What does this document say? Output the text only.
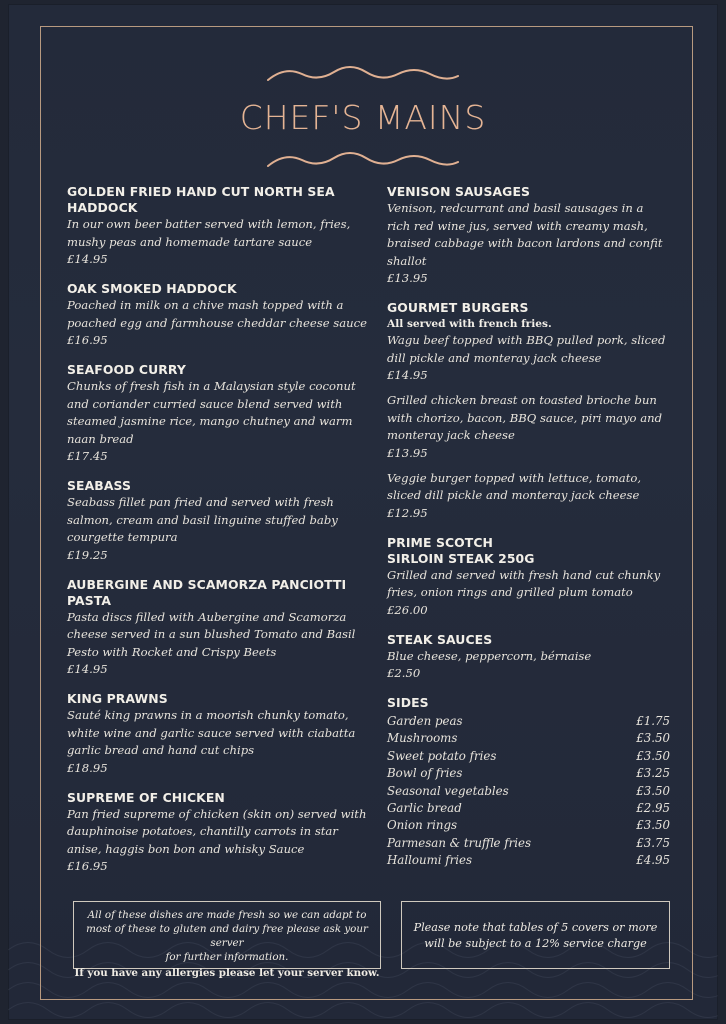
CHEF'S MAINS
GOLDEN FRIED HAND CUT NORTH SEA HADDOCK
In our own beer batter served with lemon, fries, mushy peas and homemade tartare sauce
£14.95
OAK SMOKED HADDOCK
Poached in milk on a chive mash topped with a poached egg and farmhouse cheddar cheese sauce
£16.95
SEAFOOD CURRY
Chunks of fresh fish in a Malaysian style coconut and coriander curried sauce blend served with steamed jasmine rice, mango chutney and warm naan bread
£17.45
SEABASS
Seabass fillet pan fried and served with fresh salmon, cream and basil linguine stuffed baby courgette tempura
£19.25
AUBERGINE AND SCAMORZA PANCIOTTI PASTA
Pasta discs filled with Aubergine and Scamorza cheese served in a sun blushed Tomato and Basil Pesto with Rocket and Crispy Beets
£14.95
KING PRAWNS
Sauté king prawns in a moorish chunky tomato, white wine and garlic sauce served with ciabatta garlic bread and hand cut chips
£18.95
SUPREME OF CHICKEN
Pan fried supreme of chicken (skin on) served with dauphinoise potatoes, chantilly carrots in star anise, haggis bon bon and whisky Sauce
£16.95
VENISON SAUSAGES
Venison, redcurrant and basil sausages in a rich red wine jus, served with creamy mash, braised cabbage with bacon lardons and confit shallot
£13.95
GOURMET BURGERS
All served with french fries.
Wagu beef topped with BBQ pulled pork, sliced dill pickle and monteray jack cheese
£14.95
Grilled chicken breast on toasted brioche bun with chorizo, bacon, BBQ sauce, piri mayo and monteray jack cheese
£13.95
Veggie burger topped with lettuce, tomato, sliced dill pickle and monteray jack cheese
£12.95
PRIME SCOTCH
SIRLOIN STEAK 250G
Grilled and served with fresh hand cut chunky fries, onion rings and grilled plum tomato
£26.00
STEAK SAUCES
Blue cheese, peppercorn, bérnaise
£2.50
SIDES
Garden peas	£1.75
Mushrooms	£3.50
Sweet potato fries	£3.50
Bowl of fries	£3.25
Seasonal vegetables	£3.50
Garlic bread	£2.95
Onion rings	£3.50
Parmesan & truffle fries	£3.75
Halloumi fries	£4.95
All of these dishes are made fresh so we can adapt to
most of these to gluten and dairy free please ask your server
for further information.
If you have any allergies please let your server know.
Please note that tables of 5 covers or more
will be subject to a 12% service charge
